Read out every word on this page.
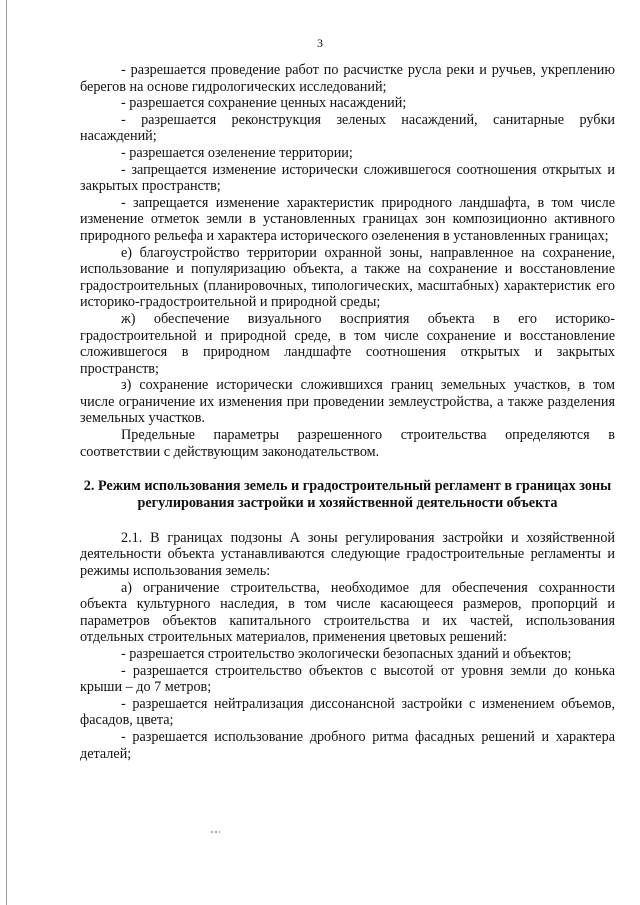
3

- разрешается проведение работ по расчистке русла реки и ручьев, укреплению берегов на основе гидрологических исследований;

- разрешается сохранение ценных насаждений;

- разрешается реконструкция зеленых насаждений, санитарные рубки насаждений;

- разрешается озеленение территории;

- запрещается изменение исторически сложившегося соотношения открытых и закрытых пространств;

- запрещается изменение характеристик природного ландшафта, в том числе изменение отметок земли в установленных границах зон композиционно активного природного рельефа и характера исторического озеленения в установленных границах;

е) благоустройство территории охранной зоны, направленное на сохранение, использование и популяризацию объекта, а также на сохранение и восстановление градостроительных (планировочных, типологических, масштабных) характеристик его историко-градостроительной и природной среды;

ж) обеспечение визуального восприятия объекта в его историко-градостроительной и природной среде, в том числе сохранение и восстановление сложившегося в природном ландшафте соотношения открытых и закрытых пространств;

з) сохранение исторически сложившихся границ земельных участков, в том числе ограничение их изменения при проведении землеустройства, а также разделения земельных участков.

Предельные параметры разрешенного строительства определяются в соответствии с действующим законодательством.

2. Режим использования земель и градостроительный регламент в границах зоны регулирования застройки и хозяйственной деятельности объекта

2.1. В границах подзоны А зоны регулирования застройки и хозяйственной деятельности объекта устанавливаются следующие градостроительные регламенты и режимы использования земель:

а) ограничение строительства, необходимое для обеспечения сохранности объекта культурного наследия, в том числе касающееся размеров, пропорций и параметров объектов капитального строительства и их частей, использования отдельных строительных материалов, применения цветовых решений:

- разрешается строительство экологически безопасных зданий и объектов;

- разрешается строительство объектов с высотой от уровня земли до конька крыши – до 7 метров;

- разрешается нейтрализация диссонансной застройки с изменением объемов, фасадов, цвета;

- разрешается использование дробного ритма фасадных решений и характера деталей;
